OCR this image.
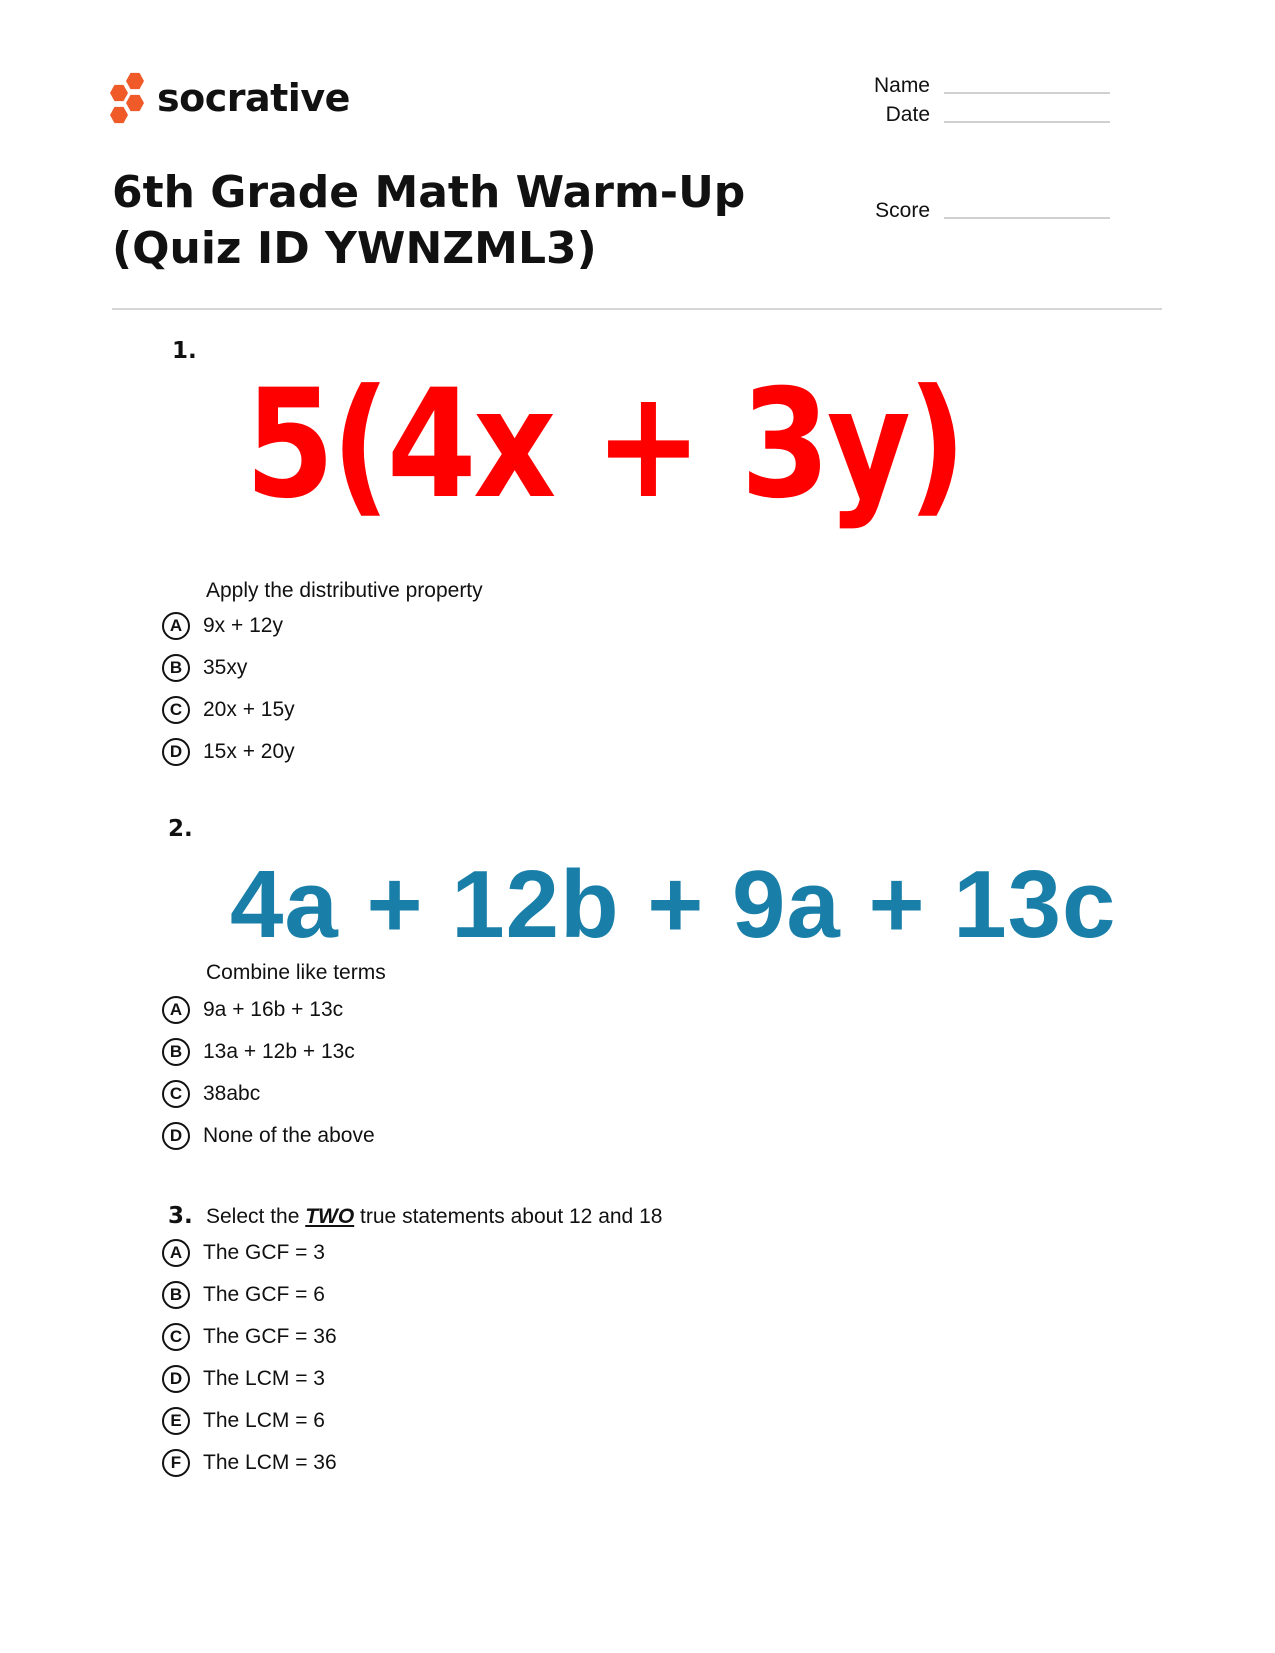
socrative	Name
Date
Score
6th Grade Math Warm-Up (Quiz ID YWNZML3)
1.
5(4x + 3y)
Apply the distributive property
A 9x + 12y
B 35xy
C 20x + 15y
D 15x + 20y
2.
4a + 12b + 9a + 13c
Combine like terms
A 9a + 16b + 13c
B 13a + 12b + 13c
C 38abc
D None of the above
3. Select the TWO true statements about 12 and 18
A The GCF = 3
B The GCF = 6
C The GCF = 36
D The LCM = 3
E	The LCM = 6
F	The LCM = 36
